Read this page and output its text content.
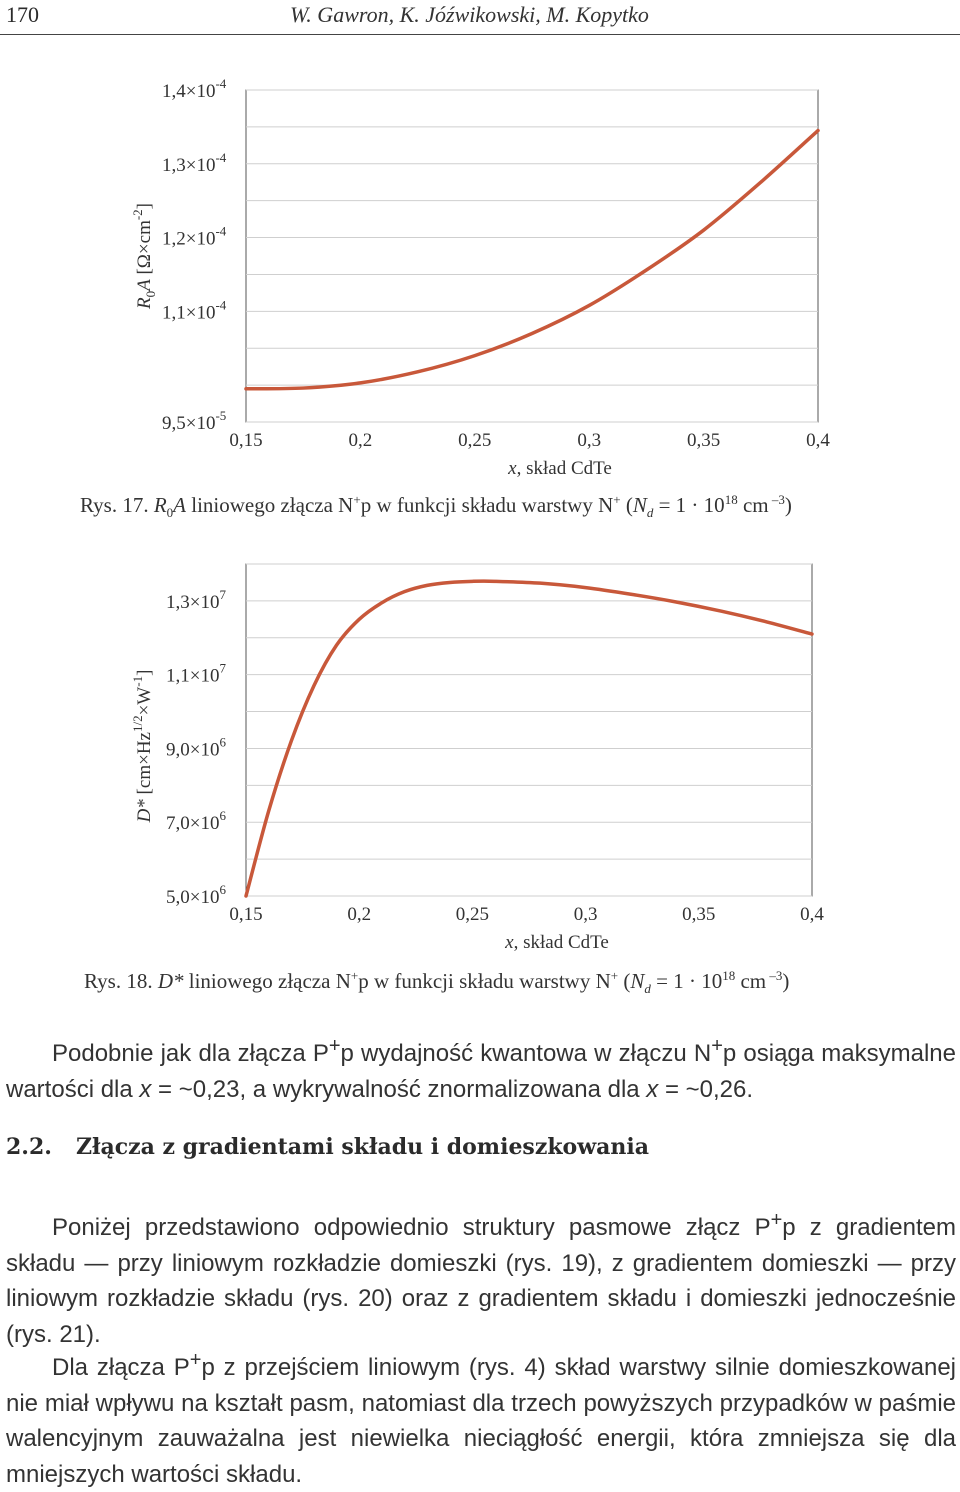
170	W. Gawron, K. Jóźwikowski, M. Kopytko
$9,5\times 10^{-5}$
$1,1\times 10^{-4}$
$1,2\times 10^{-4}$
$1,3\times 10^{-4}$
$1,4\times 10^{-4}$
0,15	0,2	0,25	0,3	0,35	0,4
x, skład CdTe
$R_0A$ $[\Omega\times cm^{-2}]$
Rys. 17. $R_0A$ liniowego złącza N+p w funkcji składu warstwy N+ ($N_d = 1 \cdot 10^{18}$ cm $^{-3}$)
$5,0\times 10^6$
$7,0\times 10^6$
$9,0\times 10^6$
$1,1\times 10^7$
$1,3\times 10^7$
0,15	0,2	0,25	0,3	0,35	0,4
x, skład CdTe
D* $[cm\times Hz^{1/2}\times W^{-1}]$
Rys. 18. D* liniowego złącza N+p w funkcji składu warstwy N+ ($N_d = 1 \cdot 10^{18}$ cm $^{-3}$)
Podobnie jak dla złącza P+p wydajność kwantowa w złączu N+p osiąga maksymalne wartości dla x = ~0,23, a wykrywalność znormalizowana dla x = ~0,26.
2.2. Złącza z gradientami składu i domieszkowania
Poniżej przedstawiono odpowiednio struktury pasmowe złącz P+p z gradientem składu — przy liniowym rozkładzie domieszki (rys. 19), z gradientem domieszki — przy liniowym rozkładzie składu (rys. 20) oraz z gradientem składu i domieszki jednocześnie (rys. 21).
Dla złącza P+p z przejściem liniowym (rys. 4) skład warstwy silnie domieszkowanej nie miał wpływu na kształt pasm, natomiast dla trzech powyższych przypadków w paśmie walencyjnym zauważalna jest niewielka nieciągłość energii, która zmniejsza się dla mniejszych wartości składu.
